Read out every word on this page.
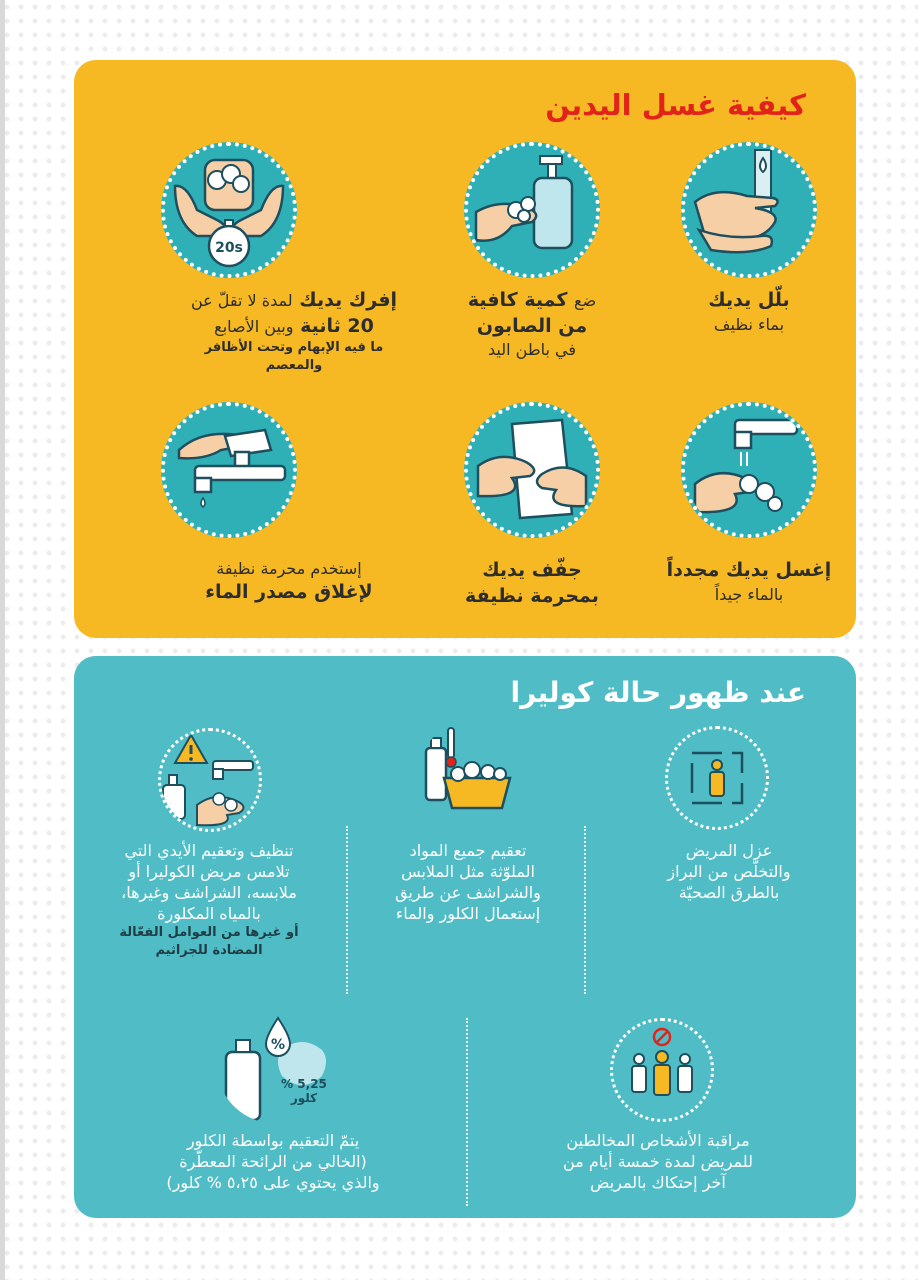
كيفية غسل اليدين
بلّل يديك
بماء نظيف
ضع كمية كافية
من الصابون
في باطن اليد
20s
إفرك يديك لمدة لا تقلّ عن
20 ثانية وبين الأصابع
ما فيه الإبهام وتحت الأظافر
والمعصم
إغسل يديك مجدداً
بالماء جيداً
جفّف يديك
بمحرمة نظيفة
إستخدم محرمة نظيفة
لإغلاق مصدر الماء
عند ظهور حالة كوليرا
عزل المريض
والتخلّص من البراز
بالطرق الصحيّة
تعقيم جميع المواد
الملوّثة مثل الملابس
والشراشف عن طريق
إستعمال الكلور والماء
تنظيف وتعقيم الأيدي التي
تلامس مريض الكوليرا أو
ملابسه، الشراشف وغيرها،
بالمياه المكلورة
أو غيرها من العوامل الفعّالة
المضادة للجراثيم
مراقبة الأشخاص المخالطين
للمريض لمدة خمسة أيام من
آخر إحتكاك بالمريض
%
% 5,25
كلور
يتمّ التعقيم بواسطة الكلور
(الخالي من الرائحة المعطّرة
والذي يحتوي على ٥،٢٥ % كلور)
